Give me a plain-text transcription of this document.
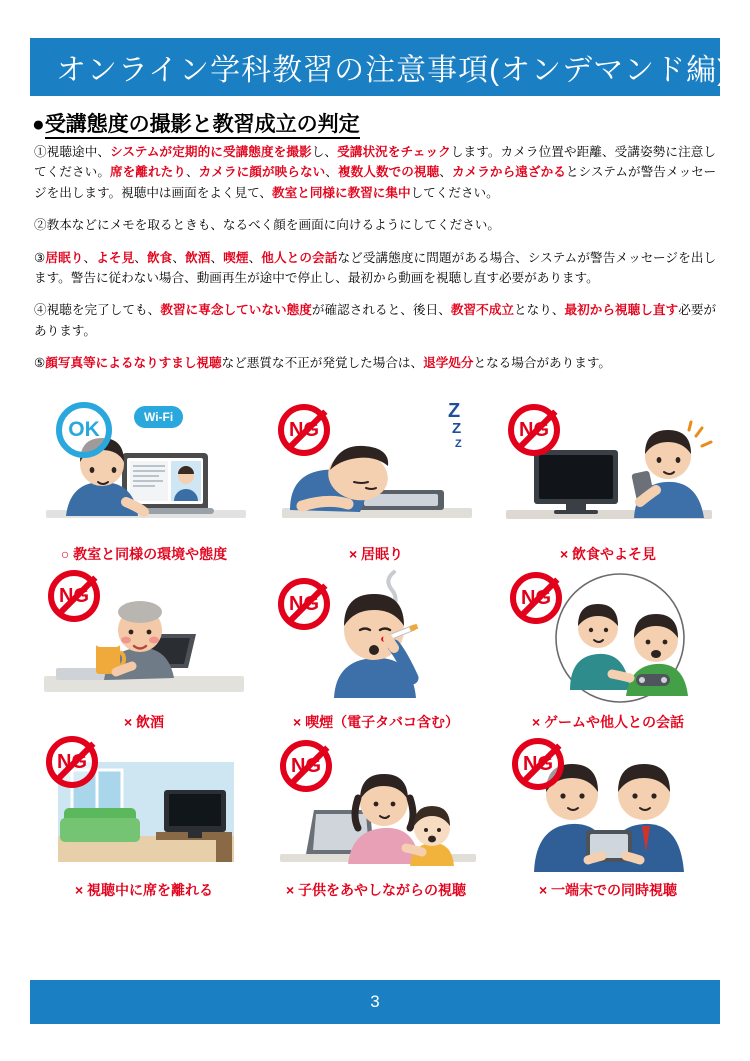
オンライン学科教習の注意事項(オンデマンド編)
●受講態度の撮影と教習成立の判定

①視聴途中、システムが定期的に受講態度を撮影し、受講状況をチェックします。カメラ位置や距離、受講姿勢に注意してください。席を離れたり、カメラに顔が映らない、複数人数での視聴、カメラから遠ざかるとシステムが警告メッセージを出します。視聴中は画面をよく見て、教室と同様に教習に集中してください。

②教本などにメモを取るときも、なるべく顔を画面に向けるようにしてください。

③居眠り、よそ見、飲食、飲酒、喫煙、他人との会話など受講態度に問題がある場合、システムが警告メッセージを出します。警告に従わない場合、動画再生が途中で停止し、最初から動画を視聴し直す必要があります。

④視聴を完了しても、教習に専念していない態度が確認されると、後日、教習不成立となり、最初から視聴し直す必要があります。

⑤顔写真等によるなりすまし視聴など悪質な不正が発覚した場合は、退学処分となる場合があります。

OK
Wi-Fi
○ 教室と同様の環境や態度
NG
Z
Z
Z
× 居眠り
NG
× 飲食やよそ見
NG
× 飲酒
NG
× 喫煙（電子タバコ含む）
NG
× ゲームや他人との会話
NG
× 視聴中に席を離れる
NG
× 子供をあやしながらの視聴
NG
× 一端末での同時視聴
3
